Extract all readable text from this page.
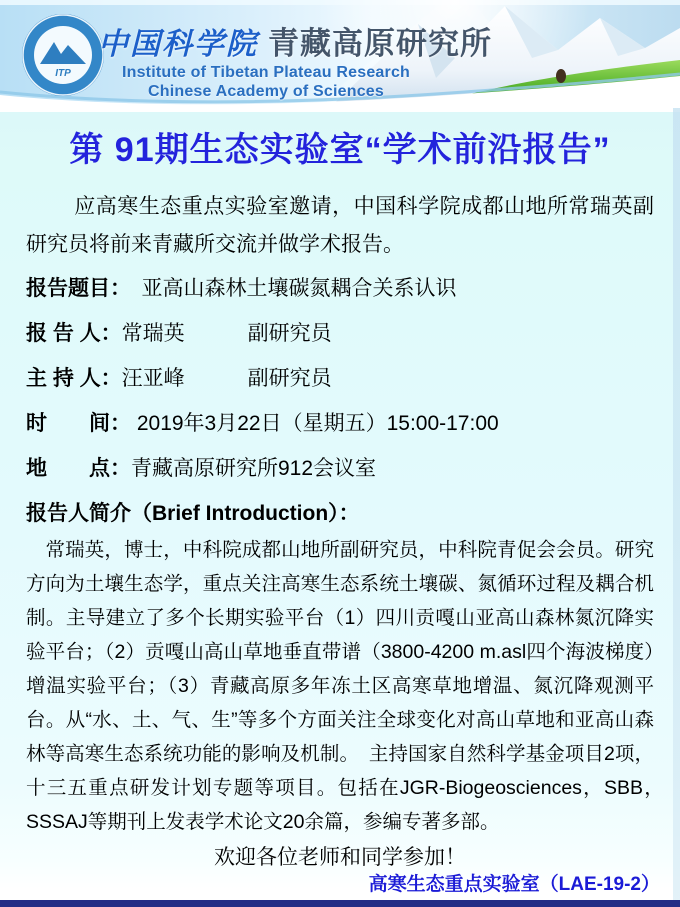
ITP
中国科学院 青藏高原研究所
Institute of Tibetan Plateau Research
Chinese Academy of Sciences
第 91期生态实验室“学术前沿报告”

应高寒生态重点实验室邀请，中国科学院成都山地所常瑞英副研究员将前来青藏所交流并做学术报告。

报告题目：　亚高山森林土壤碳氮耦合关系认识
报 告 人：常瑞英　　　副研究员
主 持 人：汪亚峰　　　副研究员
时　　间： 2019年3月22日（星期五）15:00-17:00
地　　点：青藏高原研究所912会议室
报告人简介（Brief Introduction）：

常瑞英，博士，中科院成都山地所副研究员，中科院青促会会员。研究方向为土壤生态学，重点关注高寒生态系统土壤碳、氮循环过程及耦合机制。主导建立了多个长期实验平台（1）四川贡嘎山亚高山森林氮沉降实验平台；（2）贡嘎山高山草地垂直带谱（3800-4200 m.asl四个海波梯度）增温实验平台；（3）青藏高原多年冻土区高寒草地增温、氮沉降观测平台。从“水、土、气、生”等多个方面关注全球变化对高山草地和亚高山森林等高寒生态系统功能的影响及机制。　主持国家自然科学基金项目2项，十三五重点研发计划专题等项目。包括在JGR-Biogeosciences，SBB，　SSSAJ等期刊上发表学术论文20余篇，参编专著多部。

欢迎各位老师和同学参加！

高寒生态重点实验室（LAE-19-2）
